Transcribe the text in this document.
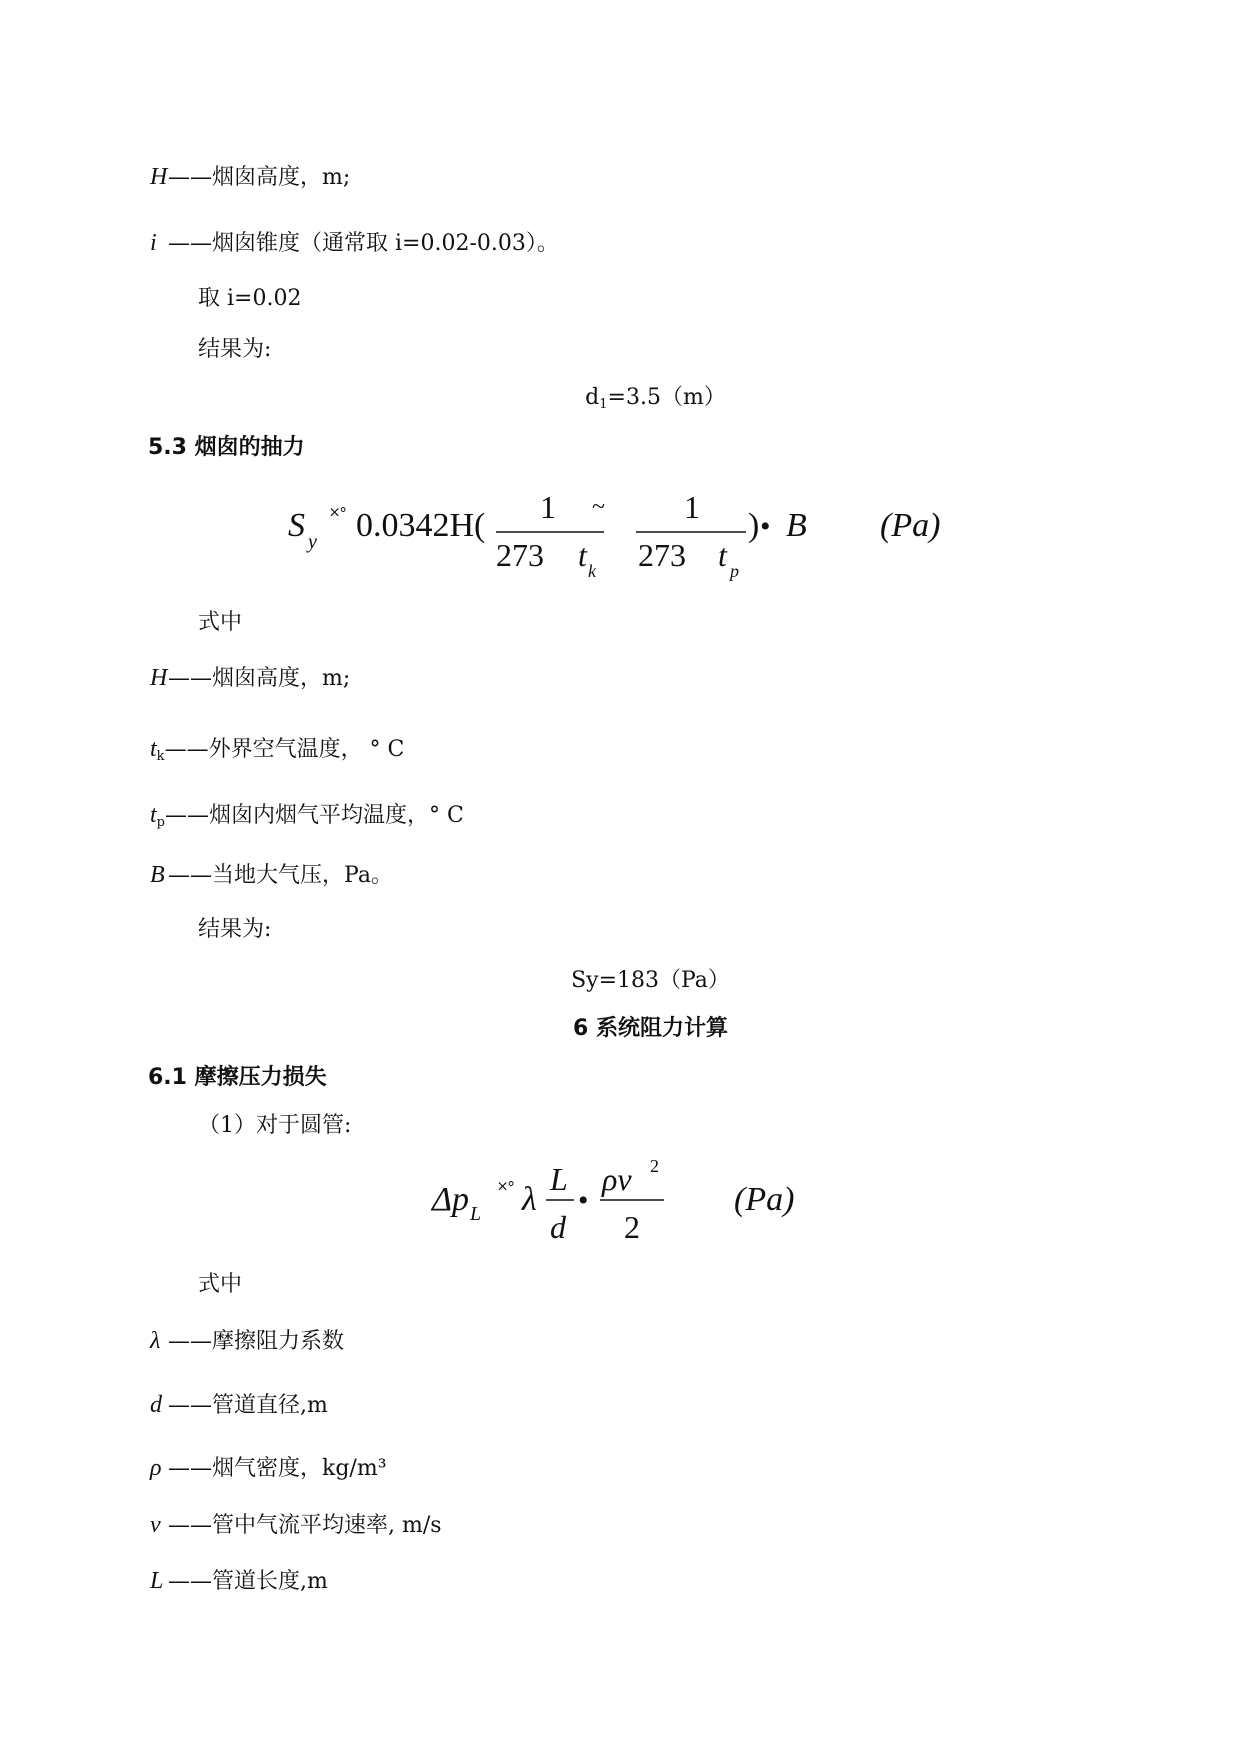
H——烟囱高度，m;
i ——烟囱锥度（通常取 i=0.02-0.03）。
取 i=0.02
结果为:
$d_1=3.5(m)$
5.3 烟囱的抽力
S y
˟˚ 0.0342H( 1 ~
273 t k
1
273 t p
) • B (Pa)
Δp L
˟˚ λ
L
d
•
ρv 2
2
(Pa)
式中
H——烟囱高度，m;
$t_k——$外界空气温度， ° C
$t_p——$烟囱内烟气平均温度，° C
B ——当地大气压，Pa。
结果为:
Sy=183（Pa）
6 系统阻力计算
6.1 摩擦压力损失
（1）对于圆管:
式中
λ ——摩擦阻力系数
d ——管道直径,m
ρ ——烟气密度，kg/m³
v ——管中气流平均速率, m/s
L ——管道长度,m
